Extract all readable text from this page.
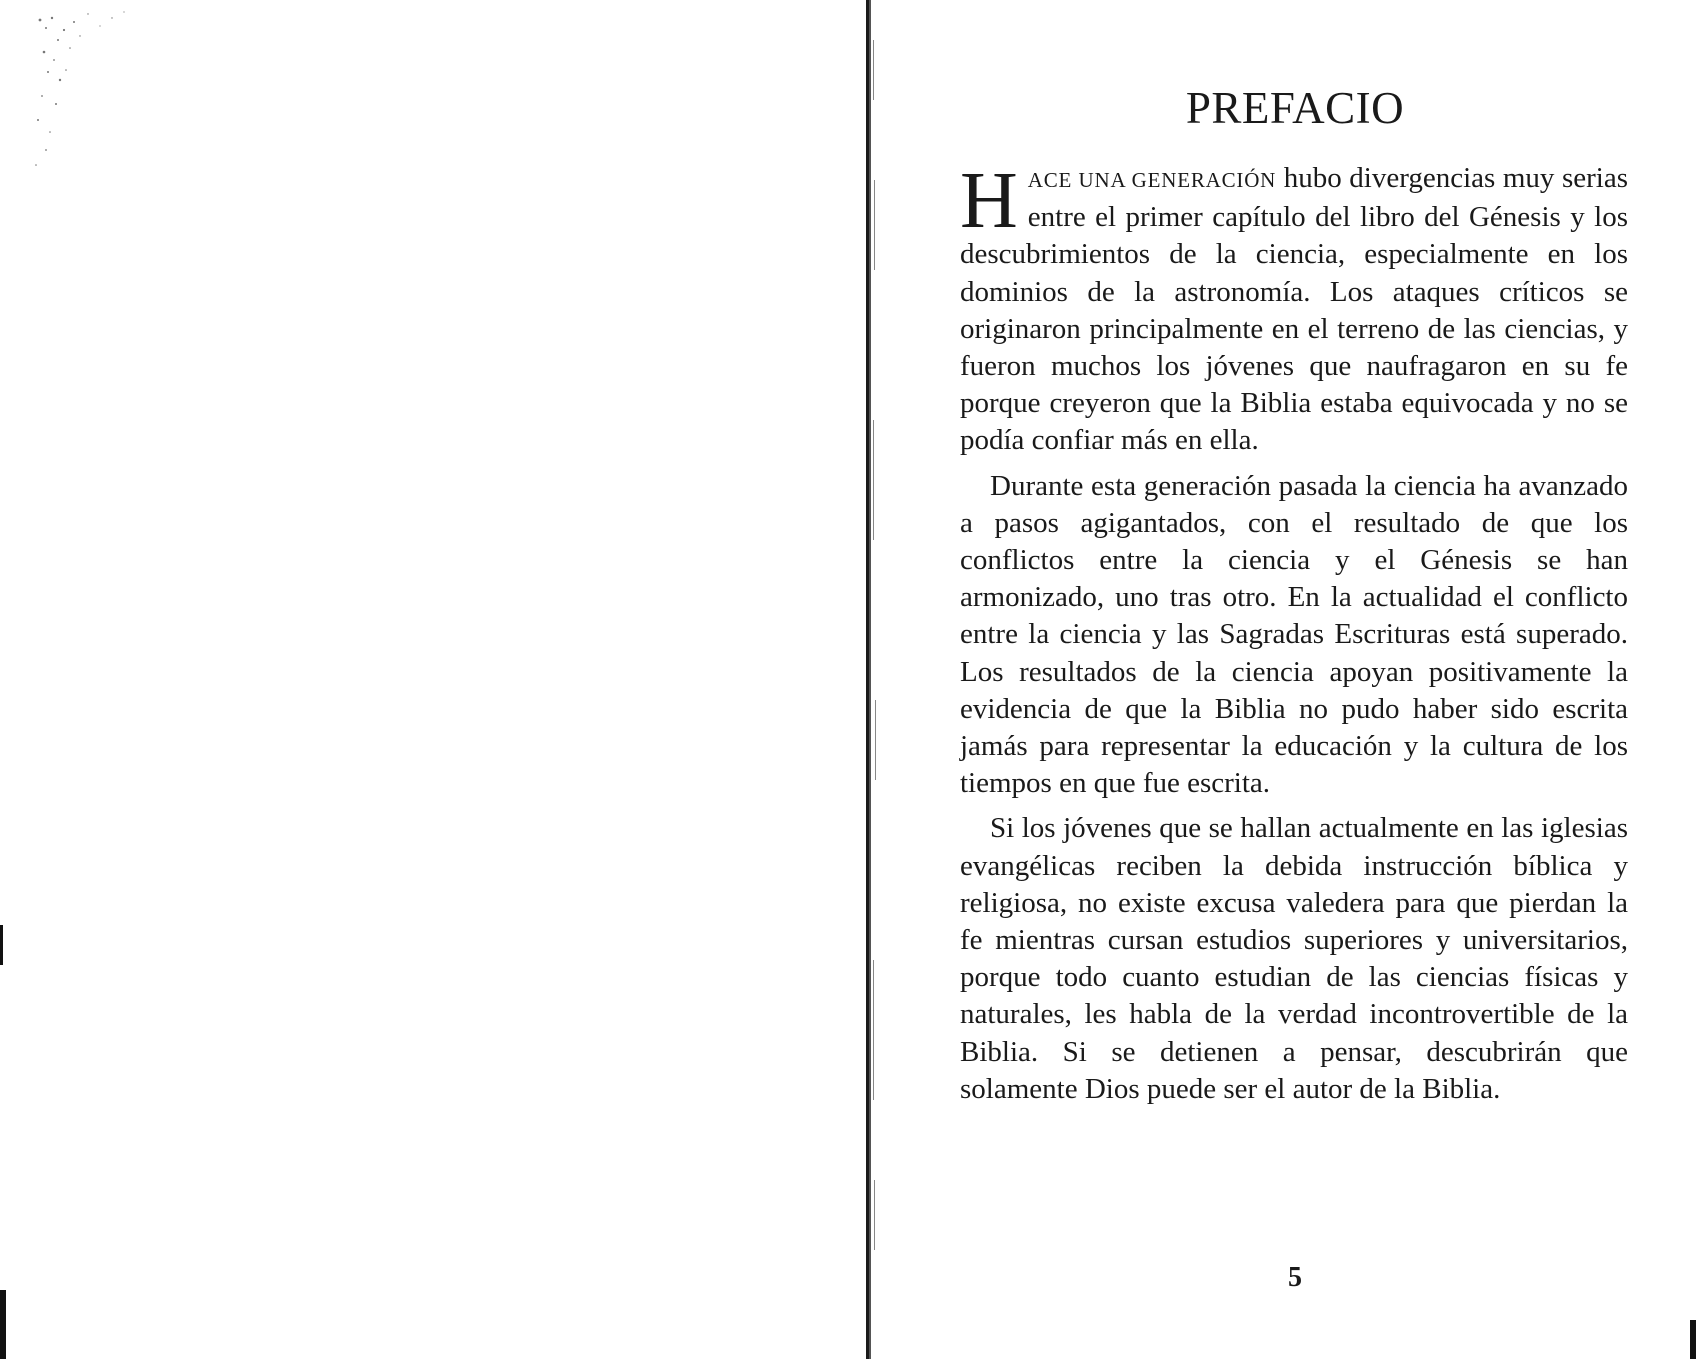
PREFACIO

HACE UNA GENERACIÓN hubo divergencias muy serias entre el primer capítulo del libro del Génesis y los descubrimientos de la ciencia, especialmente en los dominios de la astronomía. Los ataques críticos se originaron principalmente en el terreno de las ciencias, y fueron muchos los jóvenes que naufragaron en su fe porque creyeron que la Biblia estaba equivocada y no se podía confiar más en ella.

Durante esta generación pasada la ciencia ha avanzado a pasos agigantados, con el resultado de que los conflictos entre la ciencia y el Génesis se han armonizado, uno tras otro. En la actualidad el conflicto entre la ciencia y las Sagradas Escrituras está superado. Los resultados de la ciencia apoyan positivamente la evidencia de que la Biblia no pudo haber sido escrita jamás para representar la educación y la cultura de los tiempos en que fue escrita.

Si los jóvenes que se hallan actualmente en las iglesias evangélicas reciben la debida instrucción bíblica y religiosa, no existe excusa valedera para que pierdan la fe mientras cursan estudios superiores y universitarios, porque todo cuanto estudian de las ciencias físicas y naturales, les habla de la verdad incontrovertible de la Biblia. Si se detienen a pensar, descubrirán que solamente Dios puede ser el autor de la Biblia.

5
